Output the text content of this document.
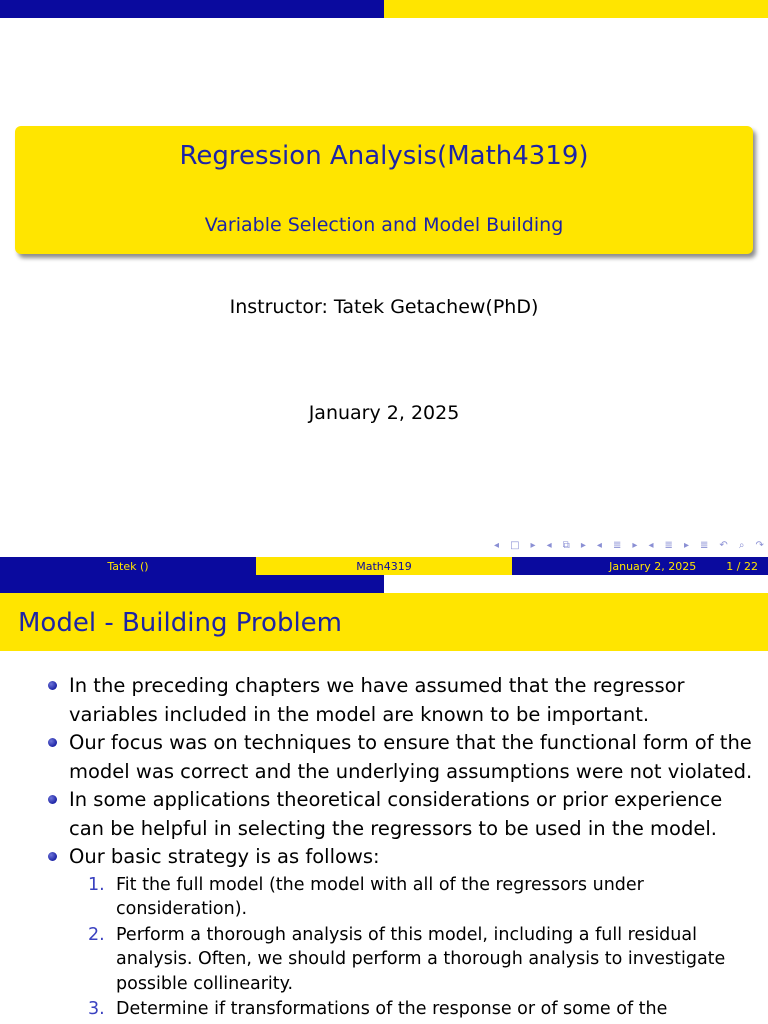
Regression Analysis(Math4319)
Variable Selection and Model Building
Instructor: Tatek Getachew(PhD)
January 2, 2025
◂ □ ▸ ◂ ⧉ ▸ ◂ ≣ ▸ ◂ ≣ ▸ ≣ ↶ ⌕ ↷
Tatek ()	Math4319	January 2, 2025	1 / 22
Model - Building Problem

In the preceding chapters we have assumed that the regressor variables included in the model are known to be important.

Our focus was on techniques to ensure that the functional form of the model was correct and the underlying assumptions were not violated.

In some applications theoretical considerations or prior experience can be helpful in selecting the regressors to be used in the model.

Our basic strategy is as follows:

1. Fit the full model (the model with all of the regressors under consideration).
2. Perform a thorough analysis of this model, including a full residual analysis. Often, we should perform a thorough analysis to investigate possible collinearity.
3. Determine if transformations of the response or of some of the
